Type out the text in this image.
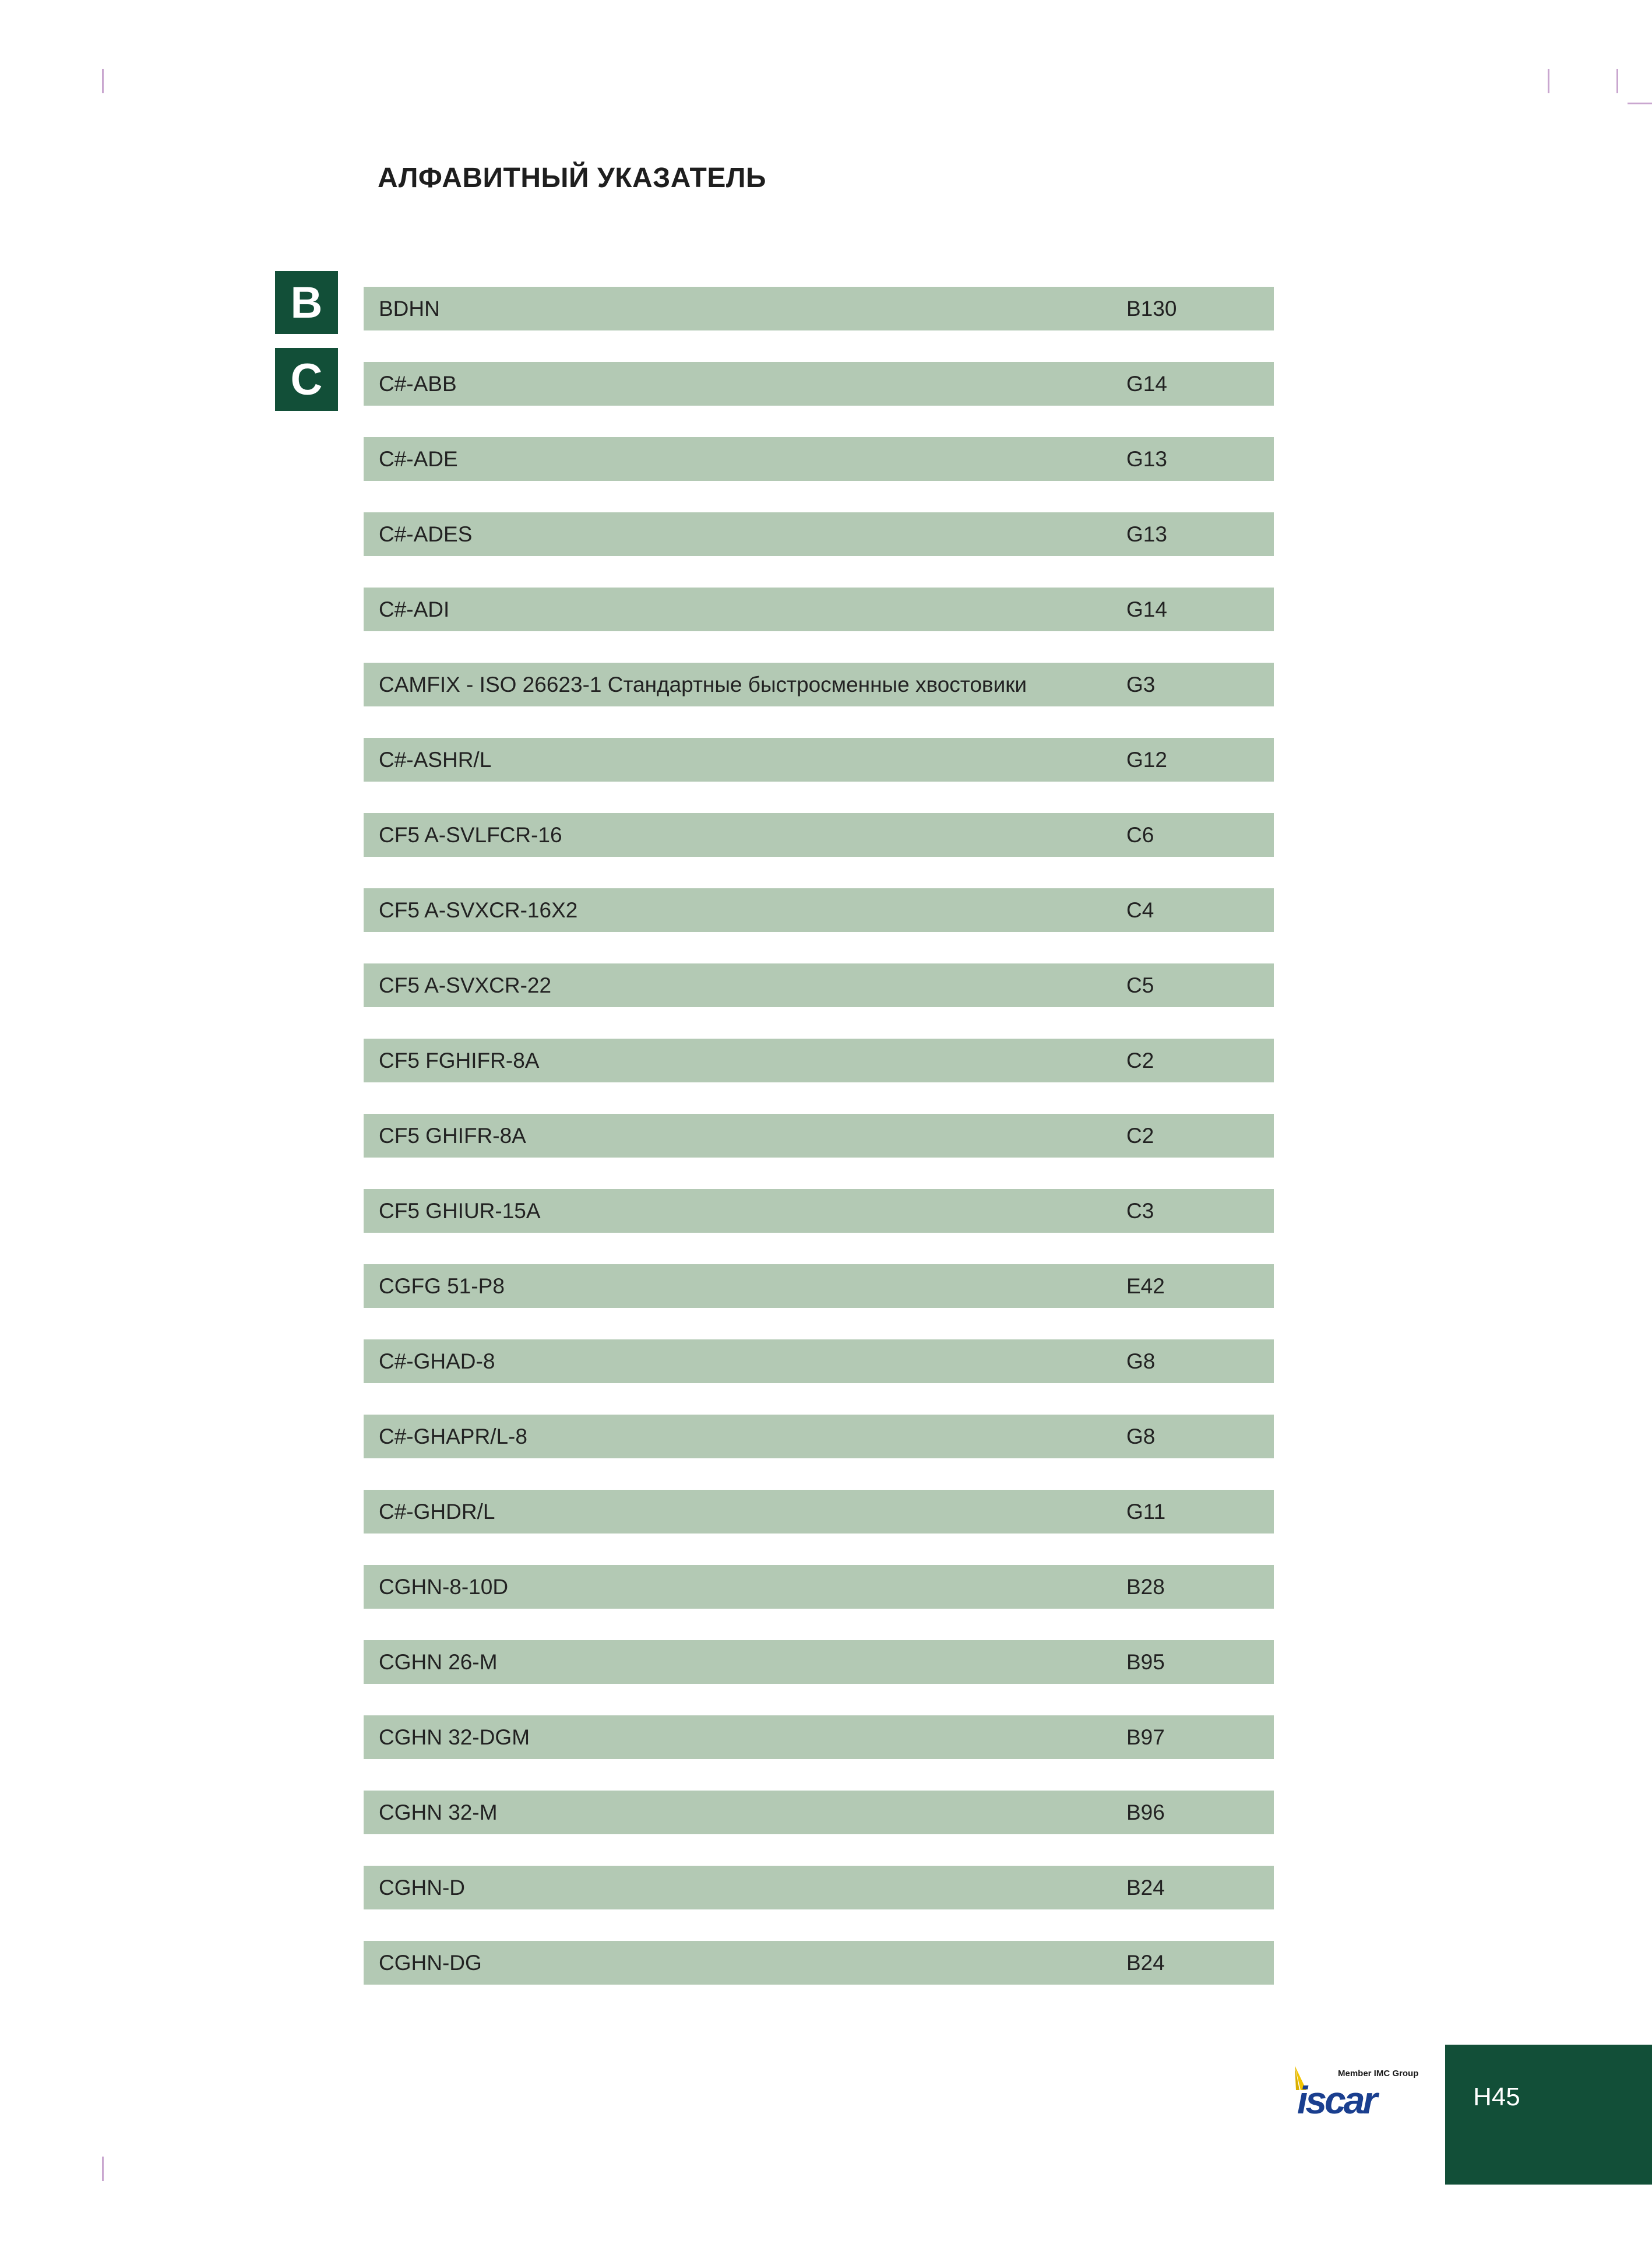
АЛФАВИТНЫЙ УКАЗАТЕЛЬ
B
C
BDHN	B130
C#-ABB	G14
C#-ADE	G13
C#-ADES	G13
C#-ADI	G14
CAMFIX - ISO 26623-1 Стандартные быстросменные хвостовики	G3
C#-ASHR/L	G12
CF5 A-SVLFCR-16	C6
CF5 A-SVXCR-16X2	C4
CF5 A-SVXCR-22	C5
CF5 FGHIFR-8A	C2
CF5 GHIFR-8A	C2
CF5 GHIUR-15A	C3
CGFG 51-P8	E42
C#-GHAD-8	G8
C#-GHAPR/L-8	G8
C#-GHDR/L	G11
CGHN-8-10D	B28
CGHN 26-M	B95
CGHN 32-DGM	B97
CGHN 32-M	B96
CGHN-D	B24
CGHN-DG	B24
Member IMC Group
iscar	H45
